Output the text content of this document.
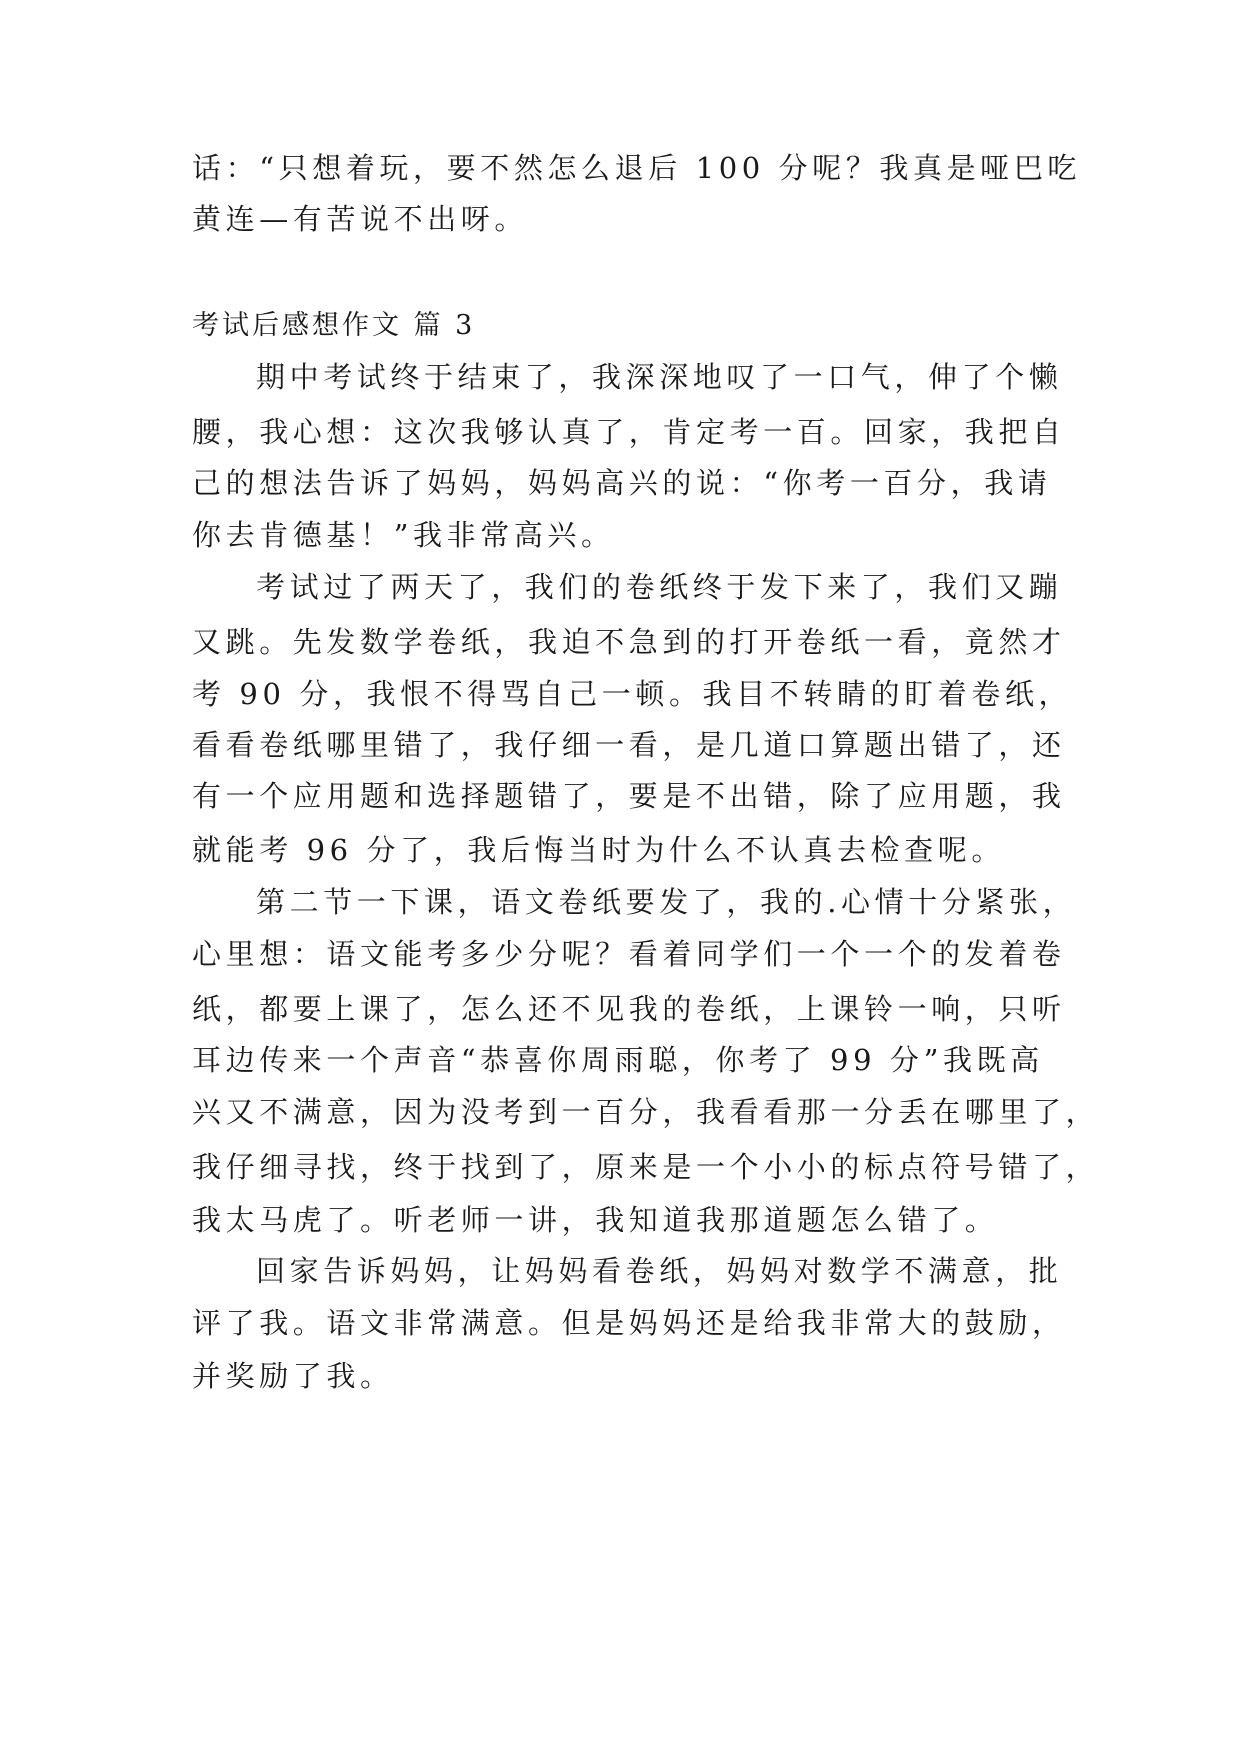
话：“只想着玩，要不然怎么退后 100 分呢？我真是哑巴吃
黄连—有苦说不出呀。
考试后感想作文 篇 3
期中考试终于结束了，我深深地叹了一口气，伸了个懒
腰，我心想：这次我够认真了，肯定考一百。回家，我把自
己的想法告诉了妈妈，妈妈高兴的说：“你考一百分，我请
你去肯德基！”我非常高兴。
考试过了两天了，我们的卷纸终于发下来了，我们又蹦
又跳。先发数学卷纸，我迫不急到的打开卷纸一看，竟然才
考 90 分，我恨不得骂自己一顿。我目不转睛的盯着卷纸，
看看卷纸哪里错了，我仔细一看，是几道口算题出错了，还
有一个应用题和选择题错了，要是不出错，除了应用题，我
就能考 96 分了，我后悔当时为什么不认真去检查呢。
第二节一下课，语文卷纸要发了，我的.心情十分紧张，
心里想：语文能考多少分呢？看着同学们一个一个的发着卷
纸，都要上课了，怎么还不见我的卷纸，上课铃一响，只听
耳边传来一个声音“恭喜你周雨聪，你考了 99 分”我既高
兴又不满意，因为没考到一百分，我看看那一分丢在哪里了，
我仔细寻找，终于找到了，原来是一个小小的标点符号错了，
我太马虎了。听老师一讲，我知道我那道题怎么错了。
回家告诉妈妈，让妈妈看卷纸，妈妈对数学不满意，批
评了我。语文非常满意。但是妈妈还是给我非常大的鼓励，
并奖励了我。
